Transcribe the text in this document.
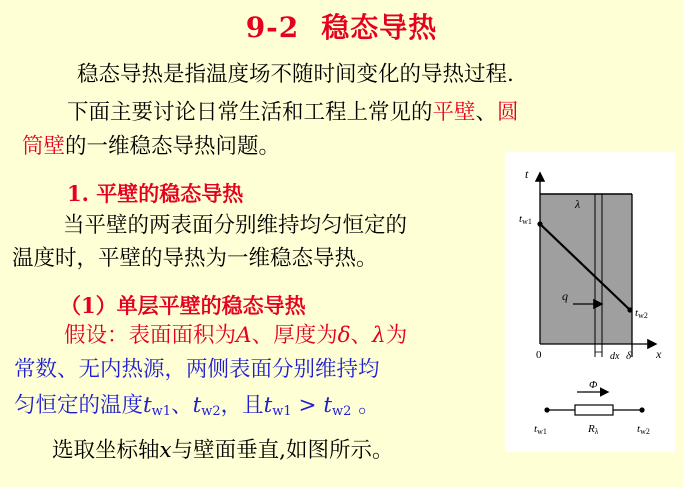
9-2 稳态导热
稳态导热是指温度场不随时间变化的导热过程.
下面主要讨论日常生活和工程上常见的平壁、圆
筒壁的一维稳态导热问题。
1. 平壁的稳态导热
当平壁的两表面分别维持均匀恒定的
温度时，平壁的导热为一维稳态导热。
（1）单层平壁的稳态导热
假设：表面面积为A、厚度为δ、λ为
常数、无内热源，两侧表面分别维持均
匀恒定的温度$t_{w1}$、$t_{w2}$，且$t_{w1} > t_{w2}$ 。
选取坐标轴x与壁面垂直,如图所示。
t
x
0
λ
tw1
tw2
q
dx δ
Φ
Rλ
tw1	tw2
